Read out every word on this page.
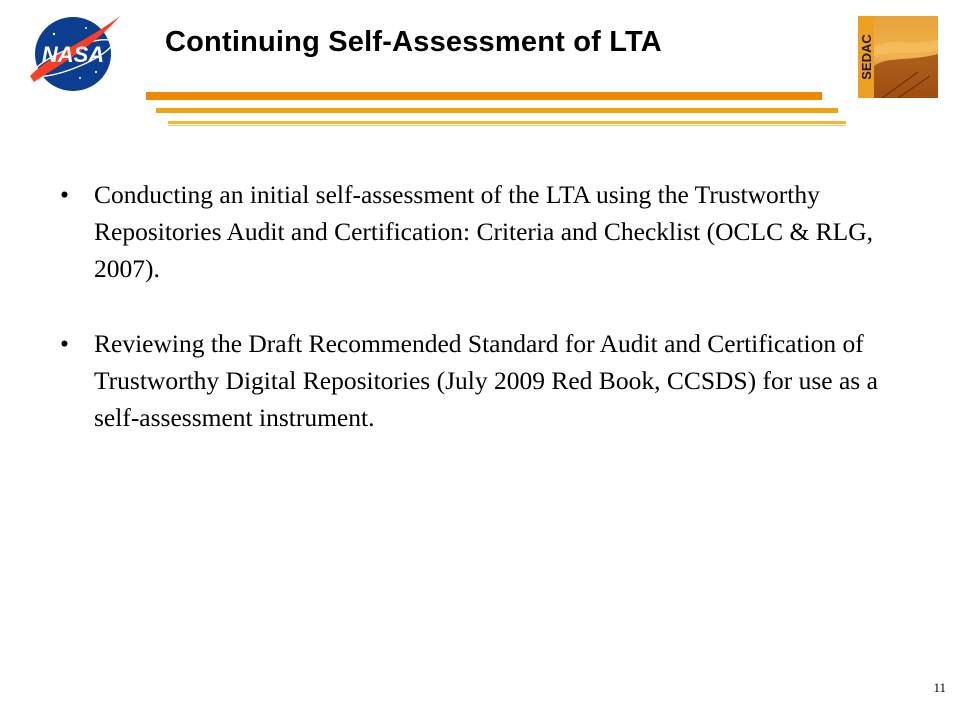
NASA	SEDAC
Continuing Self-Assessment of LTA
• Conducting an initial self-assessment of the LTA using the Trustworthy Repositories Audit and Certification: Criteria and Checklist (OCLC & RLG, 2007).
• Reviewing the Draft Recommended Standard for Audit and Certification of Trustworthy Digital Repositories (July 2009 Red Book, CCSDS) for use as a self-assessment instrument.
11
